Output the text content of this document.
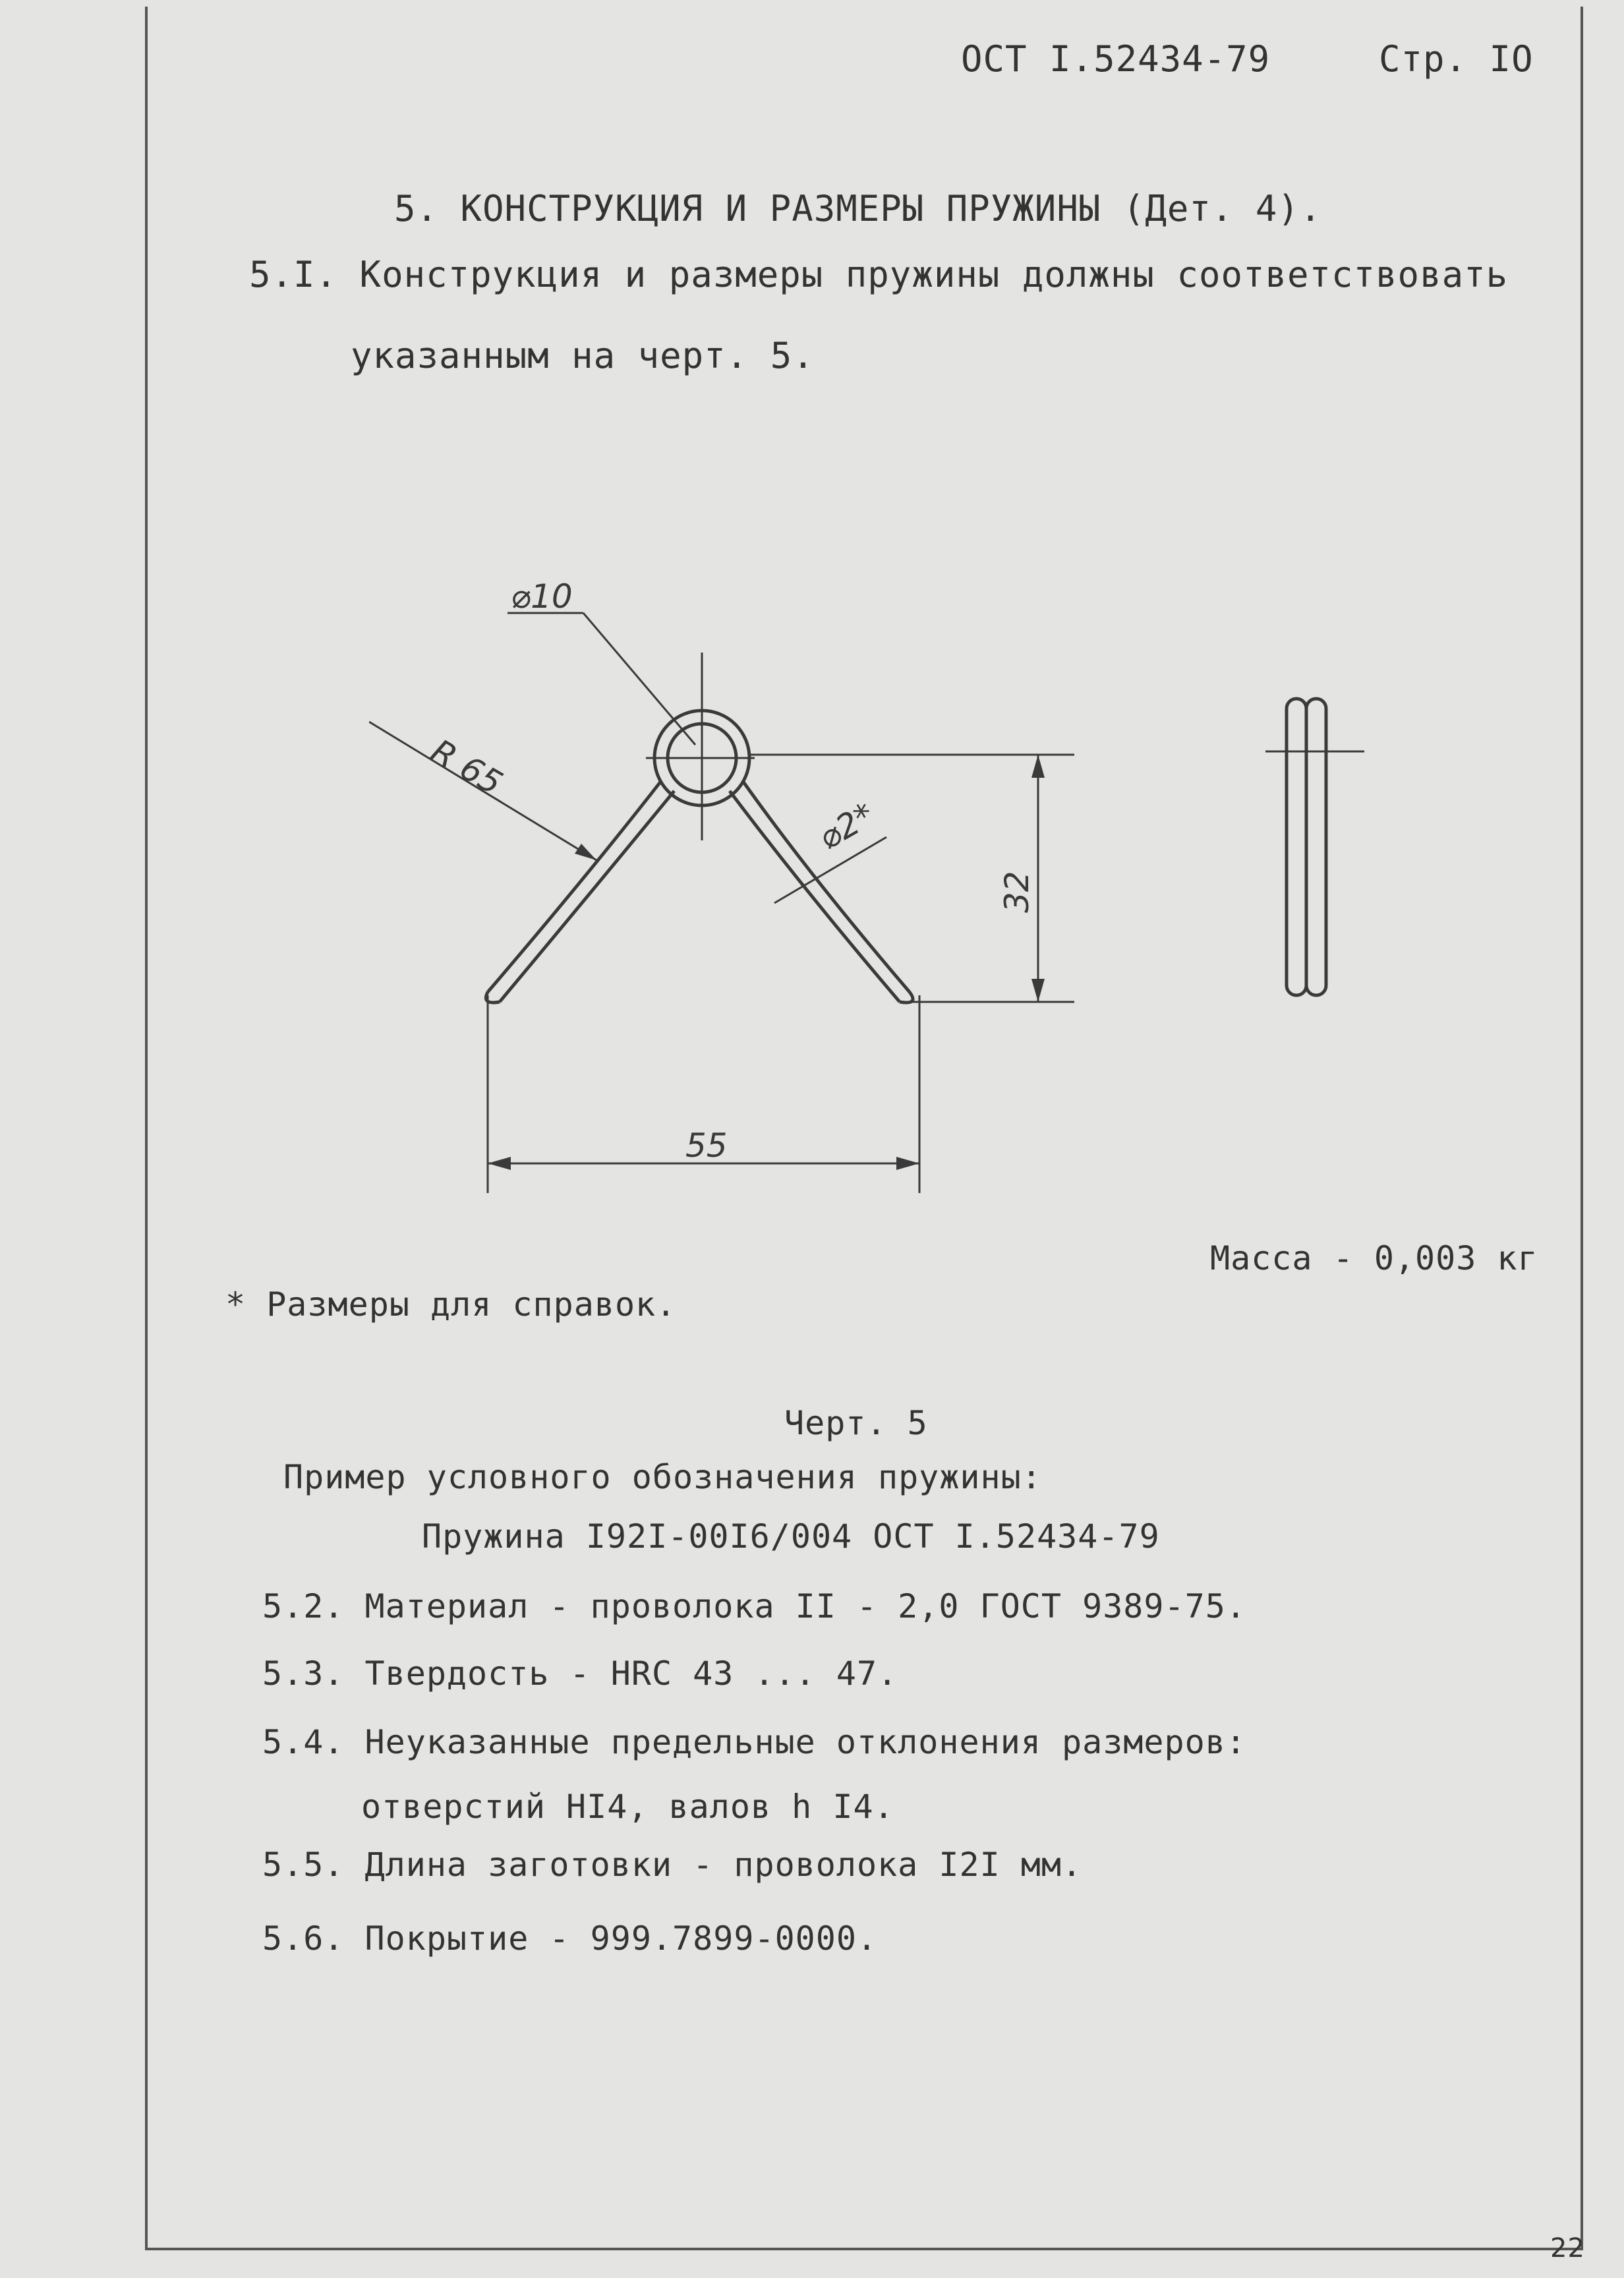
ОСТ I.52434-79	Стр. IO
5. КОНСТРУКЦИЯ И РАЗМЕРЫ ПРУЖИНЫ (Дет. 4).
5.I. Конструкция и размеры пружины должны соответствовать
указанным на черт. 5.
⌀10
R 65
⌀2*
32
55
Масса - 0,003 кг
* Размеры для справок.
Черт. 5
Пример условного обозначения пружины:
Пружина I92I-00I6/004 ОСТ I.52434-79
5.2. Материал - проволока II - 2,0 ГОСТ 9389-75.
5.3. Твердость - HRC 43 ... 47.
5.4. Неуказанные предельные отклонения размеров:
отверстий HI4, валов h I4.
5.5. Длина заготовки - проволока I2I мм.
5.6. Покрытие - 999.7899-0000.
22
